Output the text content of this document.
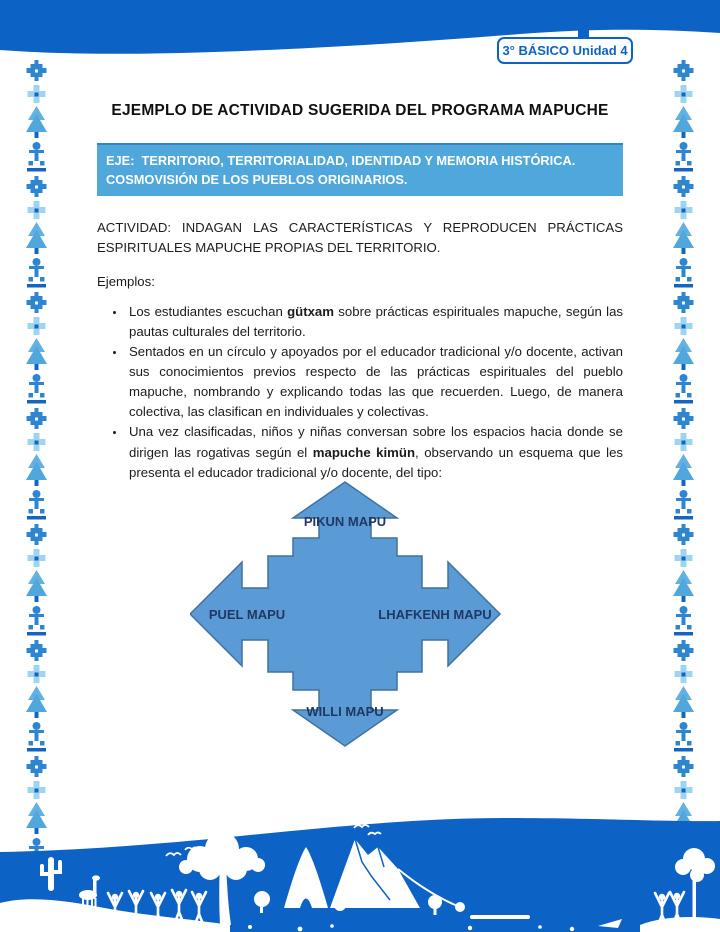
3° BÁSICO Unidad 4
EJEMPLO DE ACTIVIDAD SUGERIDA DEL PROGRAMA MAPUCHE
EJE:  TERRITORIO, TERRITORIALIDAD, IDENTIDAD Y MEMORIA HISTÓRICA.
COSMOVISIÓN DE LOS PUEBLOS ORIGINARIOS.

ACTIVIDAD: INDAGAN LAS CARACTERÍSTICAS Y REPRODUCEN PRÁCTICAS ESPIRITUALES MAPUCHE PROPIAS DEL TERRITORIO.

Ejemplos:

• Los estudiantes escuchan gütxam sobre prácticas espirituales mapuche, según las pautas culturales del territorio.
• Sentados en un círculo y apoyados por el educador tradicional y/o docente, activan sus conocimientos previos respecto de las prácticas espirituales del pueblo mapuche, nombrando y explicando todas las que recuerden. Luego, de manera colectiva, las clasifican en individuales y colectivas.
• Una vez clasificadas, niños y niñas conversan sobre los espacios hacia donde se dirigen las rogativas según el mapuche kimün, observando un esquema que les presenta el educador tradicional y/o docente, del tipo:
PIKUN MAPU
LHAFKENH MAPU
WILLI MAPU
PUEL MAPU
